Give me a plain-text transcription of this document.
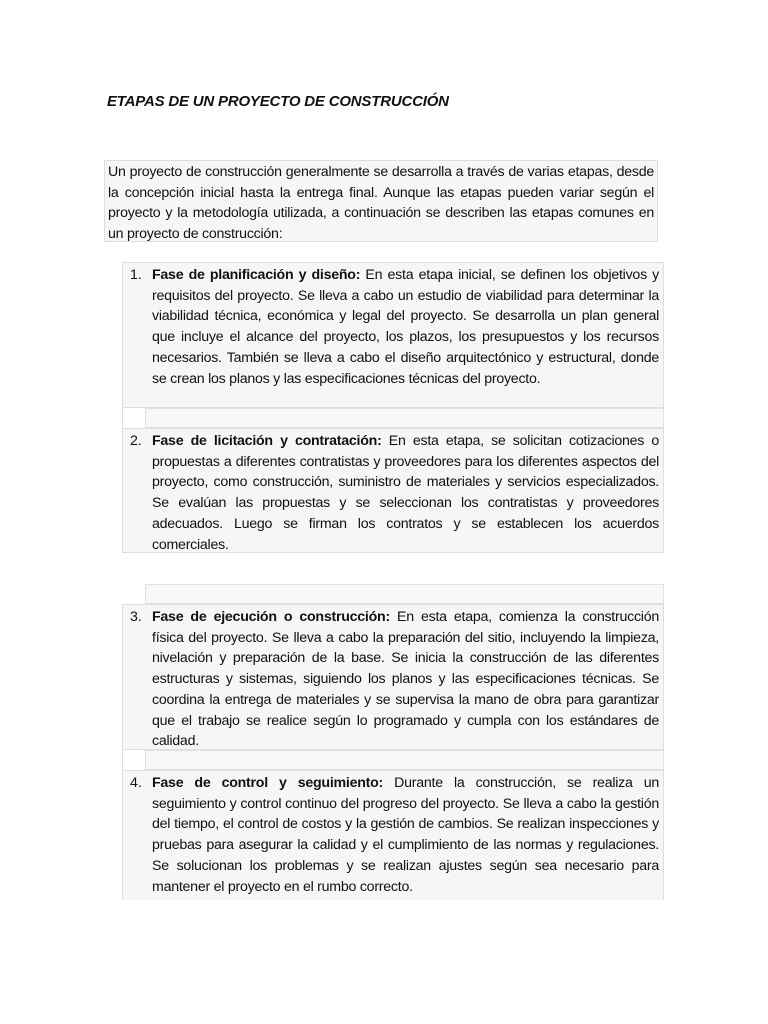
ETAPAS DE UN PROYECTO DE CONSTRUCCIÓN
Un proyecto de construcción generalmente se desarrolla a través de varias etapas, desde la concepción inicial hasta la entrega final. Aunque las etapas pueden variar según el proyecto y la metodología utilizada, a continuación se describen las etapas comunes en un proyecto de construcción:
1. Fase de planificación y diseño: En esta etapa inicial, se definen los objetivos y requisitos del proyecto. Se lleva a cabo un estudio de viabilidad para determinar la viabilidad técnica, económica y legal del proyecto. Se desarrolla un plan general que incluye el alcance del proyecto, los plazos, los presupuestos y los recursos necesarios. También se lleva a cabo el diseño arquitectónico y estructural, donde se crean los planos y las especificaciones técnicas del proyecto.
2. Fase de licitación y contratación: En esta etapa, se solicitan cotizaciones o propuestas a diferentes contratistas y proveedores para los diferentes aspectos del proyecto, como construcción, suministro de materiales y servicios especializados. Se evalúan las propuestas y se seleccionan los contratistas y proveedores adecuados. Luego se firman los contratos y se establecen los acuerdos comerciales.
3. Fase de ejecución o construcción: En esta etapa, comienza la construcción física del proyecto. Se lleva a cabo la preparación del sitio, incluyendo la limpieza, nivelación y preparación de la base. Se inicia la construcción de las diferentes estructuras y sistemas, siguiendo los planos y las especificaciones técnicas. Se coordina la entrega de materiales y se supervisa la mano de obra para garantizar que el trabajo se realice según lo programado y cumpla con los estándares de calidad.
4. Fase de control y seguimiento: Durante la construcción, se realiza un seguimiento y control continuo del progreso del proyecto. Se lleva a cabo la gestión del tiempo, el control de costos y la gestión de cambios. Se realizan inspecciones y pruebas para asegurar la calidad y el cumplimiento de las normas y regulaciones. Se solucionan los problemas y se realizan ajustes según sea necesario para mantener el proyecto en el rumbo correcto.
